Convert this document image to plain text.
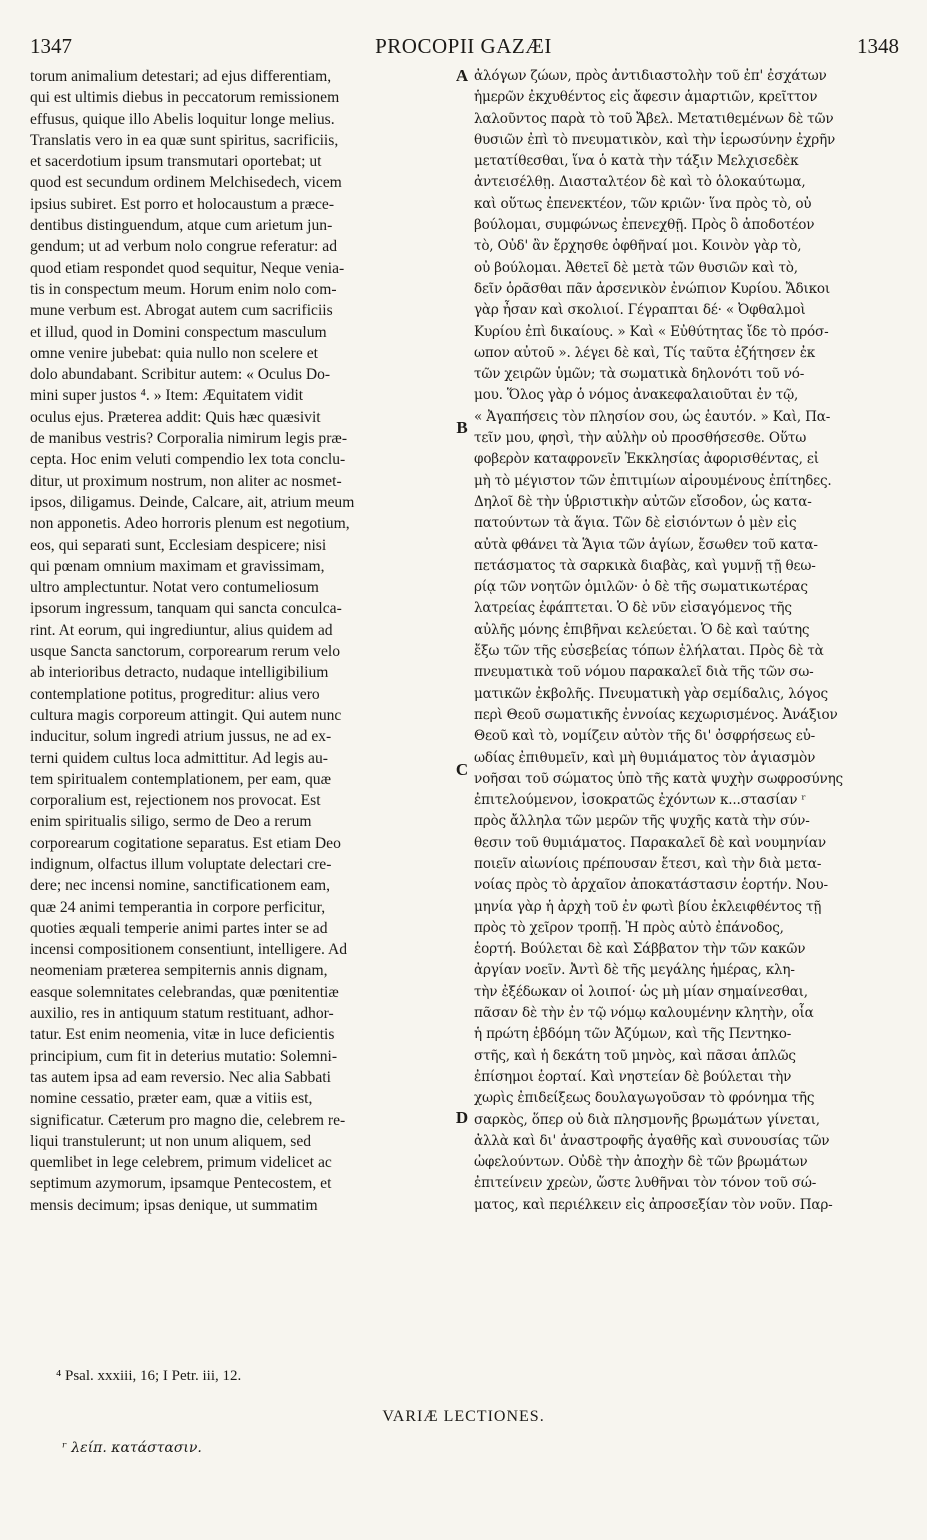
1347	PROCOPII GAZÆI	1348
torum animalium detestari; ad ejus differentiam,
qui est ultimis diebus in peccatorum remissionem
effusus, quique illo Abelis loquitur longe melius.
Translatis vero in ea quæ sunt spiritus, sacrificiis,
et sacerdotium ipsum transmutari oportebat; ut
quod est secundum ordinem Melchisedech, vicem
ipsius subiret. Est porro et holocaustum a præce-
dentibus distinguendum, atque cum arietum jun-
gendum; ut ad verbum nolo congrue referatur: ad
quod etiam respondet quod sequitur, Neque venia-
tis in conspectum meum. Horum enim nolo com-
mune verbum est. Abrogat autem cum sacrificiis
et illud, quod in Domini conspectum masculum
omne venire jubebat: quia nullo non scelere et
dolo abundabant. Scribitur autem: « Oculus Do-
mini super justos ⁴. » Item: Æquitatem vidit
oculus ejus. Præterea addit: Quis hæc quæsivit
de manibus vestris? Corporalia nimirum legis præ-
cepta. Hoc enim veluti compendio lex tota conclu-
ditur, ut proximum nostrum, non aliter ac nosmet-
ipsos, diligamus. Deinde, Calcare, ait, atrium meum
non apponetis. Adeo horroris plenum est negotium,
eos, qui separati sunt, Ecclesiam despicere; nisi
qui pœnam omnium maximam et gravissimam,
ultro amplectuntur. Notat vero contumeliosum
ipsorum ingressum, tanquam qui sancta conculca-
rint. At eorum, qui ingrediuntur, alius quidem ad
usque Sancta sanctorum, corporearum rerum velo
ab interioribus detracto, nudaque intelligibilium
contemplatione potitus, progreditur: alius vero
cultura magis corporeum attingit. Qui autem nunc
inducitur, solum ingredi atrium jussus, ne ad ex-
terni quidem cultus loca admittitur. Ad legis au-
tem spiritualem contemplationem, per eam, quæ
corporalium est, rejectionem nos provocat. Est
enim spiritualis siligo, sermo de Deo a rerum
corporearum cogitatione separatus. Est etiam Deo
indignum, olfactus illum voluptate delectari cre-
dere; nec incensi nomine, sanctificationem eam,
quæ 24 animi temperantia in corpore perficitur,
quoties æquali temperie animi partes inter se ad
incensi compositionem consentiunt, intelligere. Ad
neomeniam præterea sempiternis annis dignam,
easque solemnitates celebrandas, quæ pœnitentiæ
auxilio, res in antiquum statum restituant, adhor-
tatur. Est enim neomenia, vitæ in luce deficientis
principium, cum fit in deterius mutatio: Solemni-
tas autem ipsa ad eam reversio. Nec alia Sabbati
nomine cessatio, præter eam, quæ a vitiis est,
significatur. Cæterum pro magno die, celebrem re-
liqui transtulerunt; ut non unum aliquem, sed
quemlibet in lege celebrem, primum videlicet ac
septimum azymorum, ipsamque Pentecostem, et
mensis decimum; ipsas denique, ut summatim
ἀλόγων ζώων, πρὸς ἀντιδιαστολὴν τοῦ ἐπ' ἐσχάτων
ἡμερῶν ἐκχυθέντος εἰς ἄφεσιν ἁμαρτιῶν, κρεῖττον
λαλοῦντος παρὰ τὸ τοῦ Ἄβελ. Μετατιθεμένων δὲ τῶν
θυσιῶν ἐπὶ τὸ πνευματικὸν, καὶ τὴν ἱερωσύνην ἐχρῆν
μετατίθεσθαι, ἵνα ὁ κατὰ τὴν τάξιν Μελχισεδὲκ
ἀντεισέλθῃ. Διασταλτέον δὲ καὶ τὸ ὁλοκαύτωμα,
καὶ οὕτως ἐπενεκτέον, τῶν κριῶν· ἵνα πρὸς τὸ, οὐ
βούλομαι, συμφώνως ἐπενεχθῇ. Πρὸς ὃ ἀποδοτέον
τὸ, Οὐδ' ἂν ἔρχησθε ὀφθῆναί μοι. Κοινὸν γὰρ τὸ,
οὐ βούλομαι. Ἀθετεῖ δὲ μετὰ τῶν θυσιῶν καὶ τὸ,
δεῖν ὁρᾶσθαι πᾶν ἀρσενικὸν ἐνώπιον Κυρίου. Ἄδικοι
γὰρ ἦσαν καὶ σκολιοί. Γέγραπται δέ· « Ὀφθαλμοὶ
Κυρίου ἐπὶ δικαίους. » Καὶ « Εὐθύτητας ἴδε τὸ πρόσ-
ωπον αὐτοῦ ». λέγει δὲ καὶ, Τίς ταῦτα ἐζήτησεν ἐκ
τῶν χειρῶν ὑμῶν; τὰ σωματικὰ δηλονότι τοῦ νό-
μου. Ὅλος γὰρ ὁ νόμος ἀνακεφαλαιοῦται ἐν τῷ,
« Ἀγαπήσεις τὸν πλησίον σου, ὡς ἑαυτόν. » Καὶ, Πα-
τεῖν μου, φησὶ, τὴν αὐλὴν οὐ προσθήσεσθε. Οὕτω
φοβερὸν καταφρονεῖν Ἐκκλησίας ἀφορισθέντας, εἰ
μὴ τὸ μέγιστον τῶν ἐπιτιμίων αἱρουμένους ἐπίτηδες.
Δηλοῖ δὲ τὴν ὑβριστικὴν αὐτῶν εἴσοδον, ὡς κατα-
πατούντων τὰ ἅγια. Τῶν δὲ εἰσιόντων ὁ μὲν εἰς
αὐτὰ φθάνει τὰ Ἅγια τῶν ἁγίων, ἔσωθεν τοῦ κατα-
πετάσματος τὰ σαρκικὰ διαβὰς, καὶ γυμνῇ τῇ θεω-
ρίᾳ τῶν νοητῶν ὁμιλῶν· ὁ δὲ τῆς σωματικωτέρας
λατρείας ἐφάπτεται. Ὁ δὲ νῦν εἰσαγόμενος τῆς
αὐλῆς μόνης ἐπιβῆναι κελεύεται. Ὁ δὲ καὶ ταύτης
ἔξω τῶν τῆς εὐσεβείας τόπων ἐλήλαται. Πρὸς δὲ τὰ
πνευματικὰ τοῦ νόμου παρακαλεῖ διὰ τῆς τῶν σω-
ματικῶν ἐκβολῆς. Πνευματικὴ γὰρ σεμίδαλις, λόγος
περὶ Θεοῦ σωματικῆς ἐννοίας κεχωρισμένος. Ἀνάξιον
Θεοῦ καὶ τὸ, νομίζειν αὐτὸν τῆς δι' ὀσφρήσεως εὐ-
ωδίας ἐπιθυμεῖν, καὶ μὴ θυμιάματος τὸν ἁγιασμὸν
νοῆσαι τοῦ σώματος ὑπὸ τῆς κατὰ ψυχὴν σωφροσύνης
ἐπιτελούμενον, ἰσοκρατῶς ἐχόντων κ...στασίαν ʳ
πρὸς ἄλληλα τῶν μερῶν τῆς ψυχῆς κατὰ τὴν σύν-
θεσιν τοῦ θυμιάματος. Παρακαλεῖ δὲ καὶ νουμηνίαν
ποιεῖν αἰωνίοις πρέπουσαν ἔτεσι, καὶ τὴν διὰ μετα-
νοίας πρὸς τὸ ἀρχαῖον ἀποκατάστασιν ἑορτήν. Νου-
μηνία γὰρ ἡ ἀρχὴ τοῦ ἐν φωτὶ βίου ἐκλειφθέντος τῇ
πρὸς τὸ χεῖρον τροπῇ. Ἡ πρὸς αὐτὸ ἐπάνοδος,
ἑορτή. Βούλεται δὲ καὶ Σάββατον τὴν τῶν κακῶν
ἀργίαν νοεῖν. Ἀντὶ δὲ τῆς μεγάλης ἡμέρας, κλη-
τὴν ἐξέδωκαν οἱ λοιποί· ὡς μὴ μίαν σημαίνεσθαι,
πᾶσαν δὲ τὴν ἐν τῷ νόμῳ καλουμένην κλητὴν, οἷα
ἡ πρώτη ἑβδόμη τῶν Ἀζύμων, καὶ τῆς Πεντηκο-
στῆς, καὶ ἡ δεκάτη τοῦ μηνὸς, καὶ πᾶσαι ἁπλῶς
ἐπίσημοι ἑορταί. Καὶ νηστείαν δὲ βούλεται τὴν
χωρὶς ἐπιδείξεως δουλαγωγοῦσαν τὸ φρόνημα τῆς
σαρκὸς, ὅπερ οὐ διὰ πλησμονῆς βρωμάτων γίνεται,
ἀλλὰ καὶ δι' ἀναστροφῆς ἀγαθῆς καὶ συνουσίας τῶν
ὠφελούντων. Οὐδὲ τὴν ἀποχὴν δὲ τῶν βρωμάτων
ἐπιτείνειν χρεὼν, ὥστε λυθῆναι τὸν τόνον τοῦ σώ-
ματος, καὶ περιέλκειν εἰς ἀπροσεξίαν τὸν νοῦν. Παρ-
A
B
C
D
⁴ Psal. xxxiii, 16; I Petr. iii, 12.
VARIÆ LECTIONES.
ʳ λείπ. κατάστασιν.
